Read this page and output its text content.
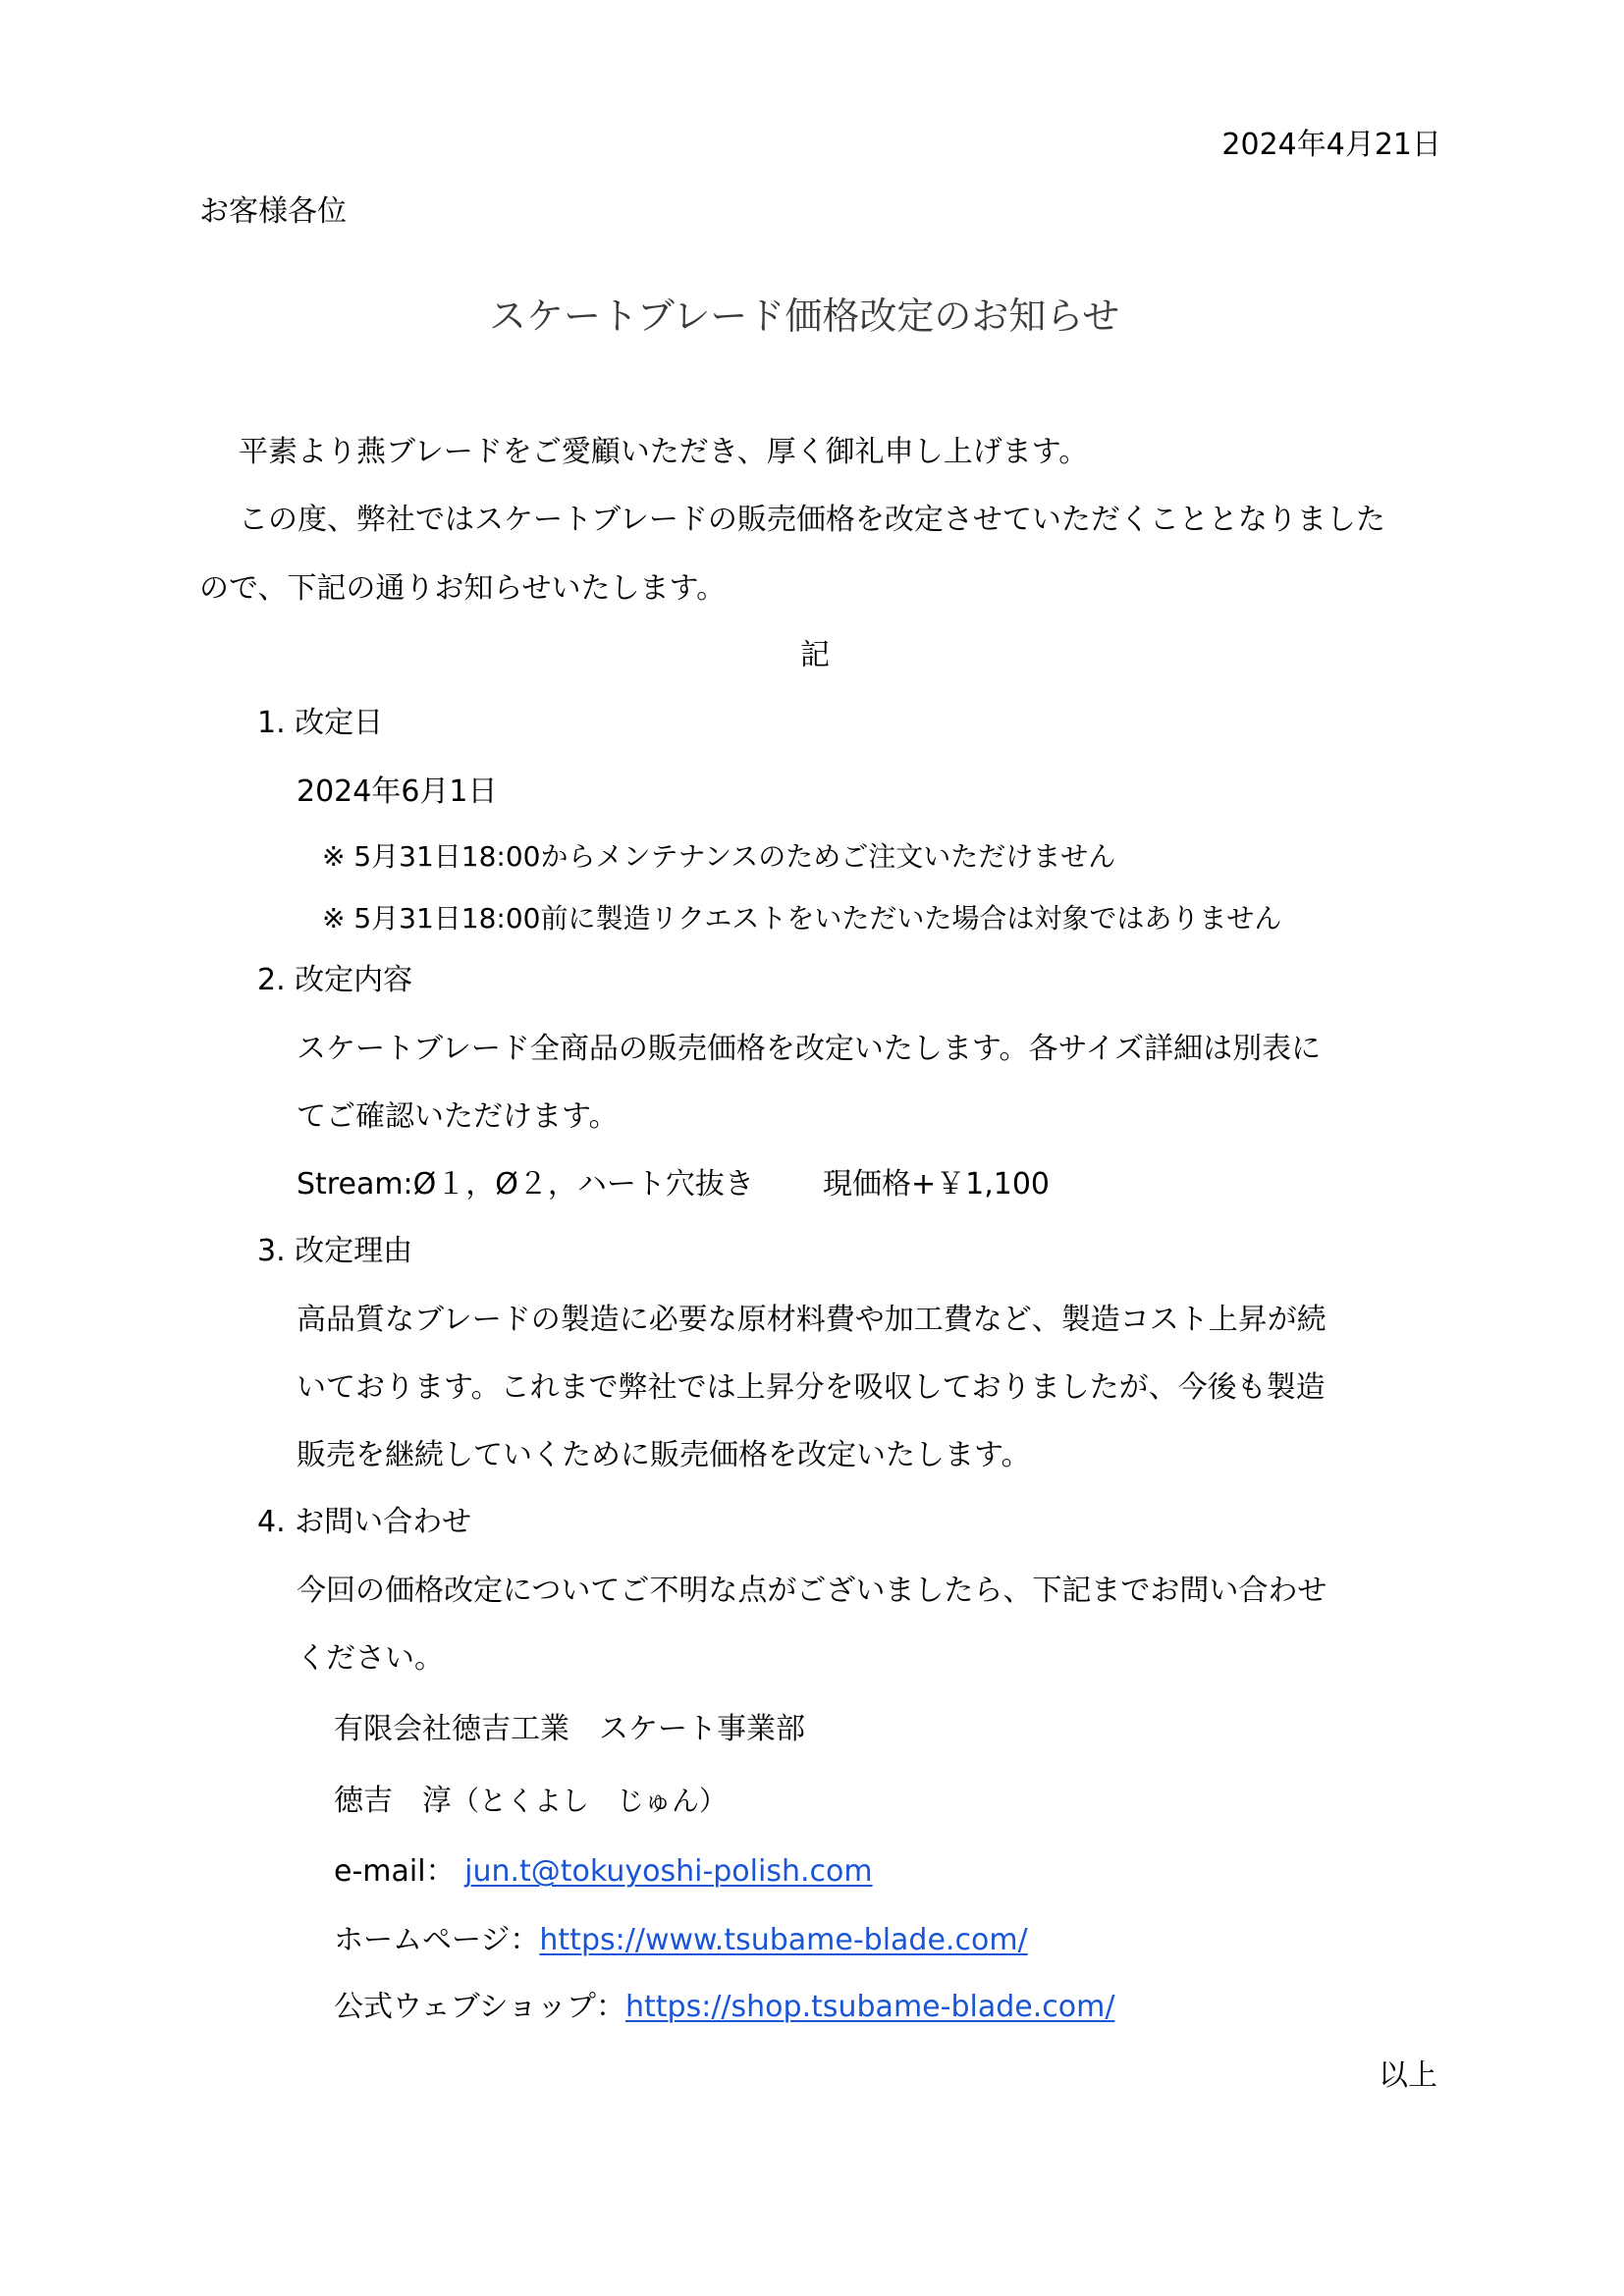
2024年4月21日
お客様各位
スケートブレード価格改定のお知らせ
平素より燕ブレードをご愛顧いただき、厚く御礼申し上げます。
この度、弊社ではスケートブレードの販売価格を改定させていただくこととなりました
ので、下記の通りお知らせいたします。
記
1. 改定日
2024年6月1日
※ 5月31日18:00からメンテナンスのためご注文いただけません
※ 5月31日18:00前に製造リクエストをいただいた場合は対象ではありません
2. 改定内容
スケートブレード全商品の販売価格を改定いたします。各サイズ詳細は別表に
てご確認いただけます。
Stream:Ø１，Ø２，ハート穴抜き 現価格+￥1,100
3. 改定理由
高品質なブレードの製造に必要な原材料費や加工費など、製造コスト上昇が続
いております。これまで弊社では上昇分を吸収しておりましたが、今後も製造
販売を継続していくために販売価格を改定いたします。
4. お問い合わせ
今回の価格改定についてご不明な点がございましたら、下記までお問い合わせ
ください。
有限会社徳吉工業　スケート事業部
徳吉　淳（とくよし　じゅん）
e-mail： jun.t@tokuyoshi-polish.com
ホームページ：https://www.tsubame-blade.com/
公式ウェブショップ：https://shop.tsubame-blade.com/
以上
